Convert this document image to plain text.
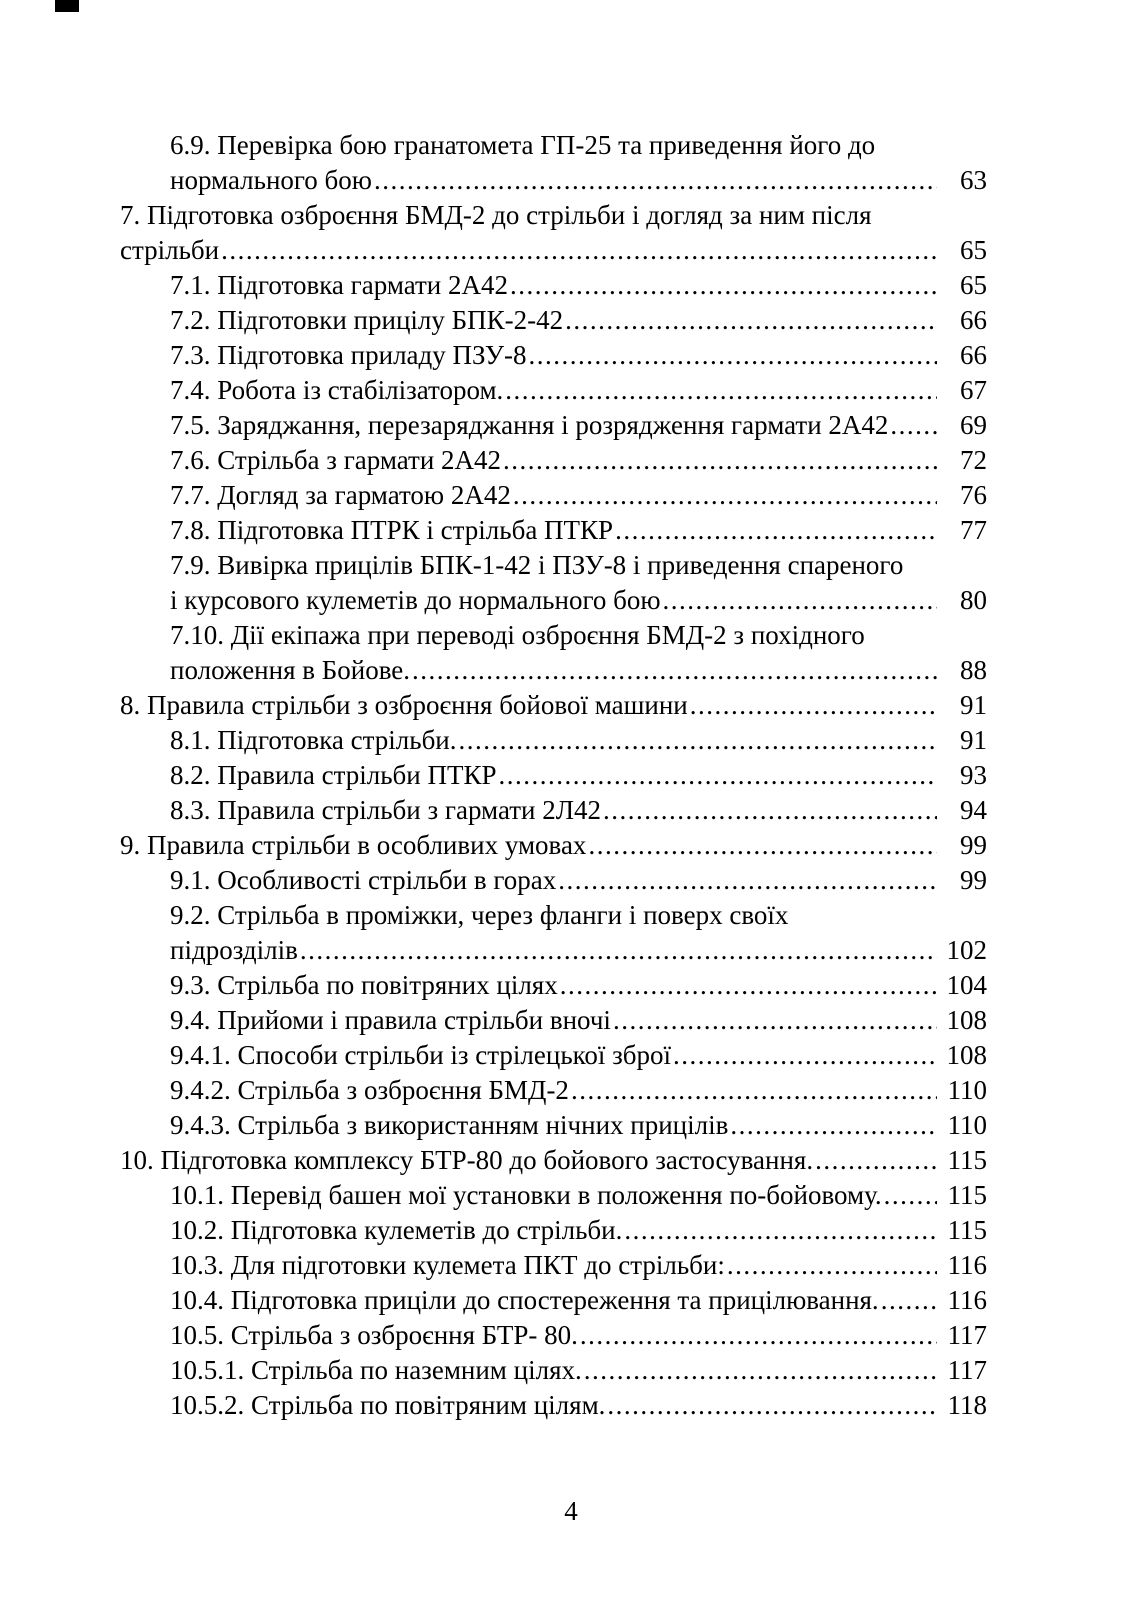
6.9. Перевірка бою гранатомета ГП-25 та приведення його до
нормального бою .....	63
7. Підготовка озброєння БМД-2 до стрільби і догляд за ним після
стрільби .....	65
7.1. Підготовка гармати 2А42 .....	65
7.2. Підготовки прицілу БПК-2-42 .....	66
7.3. Підготовка приладу ПЗУ-8 .....	66
7.4. Робота із стабілізатором. .....	67
7.5. Заряджання, перезаряджання і розрядження гармати 2А42 .....	69
7.6. Стрільба з гармати 2А42 .....	72
7.7. Догляд за гарматою 2А42 .....	76
7.8. Підготовка ПТРК і стрільба ПТКР .....	77
7.9. Вивірка прицілів БПК-1-42 і ПЗУ-8 і приведення спареного
і курсового кулеметів до нормального бою .....	80
7.10. Дії екіпажа при переводі озброєння БМД-2 з похідного
положення в Бойове. .....	88
8. Правила стрільби з озброєння бойової машини .....	91
8.1. Підготовка стрільби. .....	91
8.2. Правила стрільби ПТКР .....	93
8.3. Правила стрільби з гармати 2Л42 .....	94
9. Правила стрільби в особливих умовах .....	99
9.1. Особливості стрільби в горах .....	99
9.2. Стрільба в проміжки, через фланги і поверх своїх
підрозділів .....	102
9.3. Стрільба по повітряних цілях .....	104
9.4. Прийоми і правила стрільби вночі .....	108
9.4.1. Способи стрільби із стрілецької зброї .....	108
9.4.2. Стрільба з озброєння БМД-2 .....	110
9.4.3. Стрільба з використанням нічних прицілів .....	110
10. Підготовка комплексу БТР-80 до бойового застосування. .....	115
10.1. Перевід башен мої установки в положення по-бойовому. ..... 115
10.2. Підготовка кулеметів до стрільби. .....	115
10.3. Для підготовки кулемета ПКТ до стрільби: .....	116
10.4. Підготовка приціли до спостереження та прицілювання. .....	116
10.5. Стрільба з озброєння БТР- 80. .....	117
10.5.1. Стрільба по наземним цілях. .....	117
10.5.2. Стрільба по повітряним цілям. .....	118
4
